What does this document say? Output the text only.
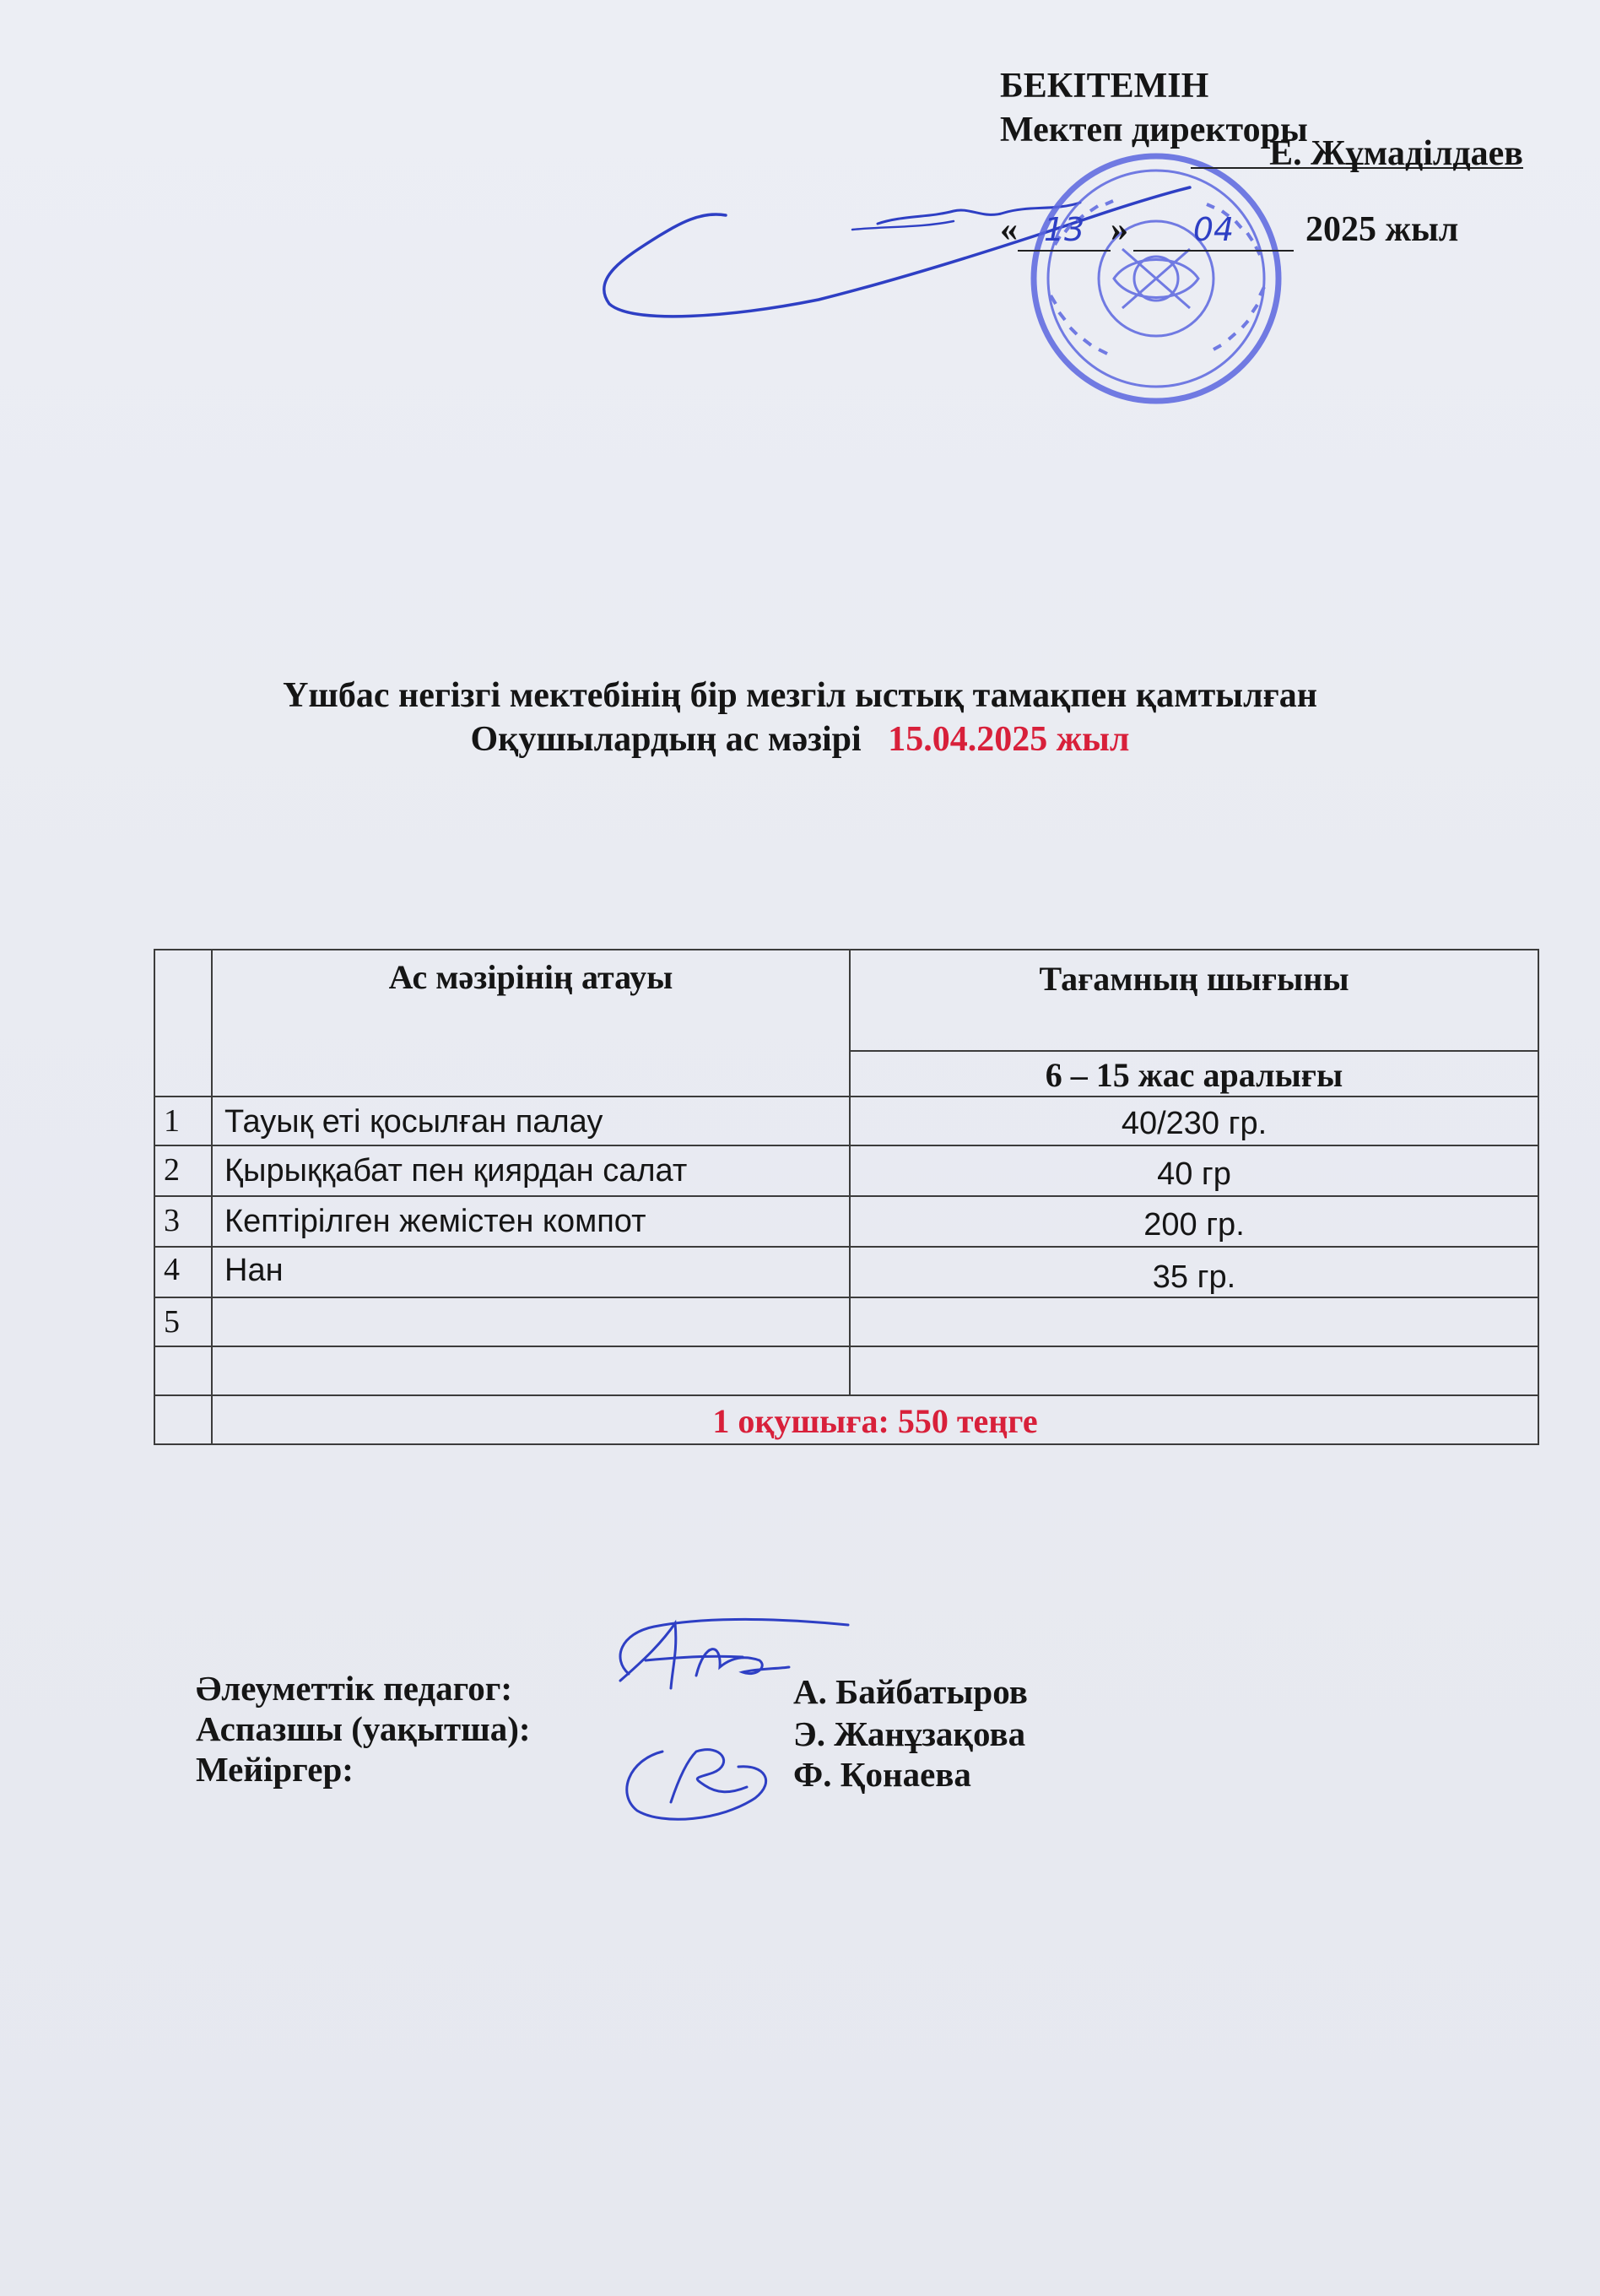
БЕКІТЕМІН
Мектеп директоры
Е. Жұмаділдаев
« 13 » 04 2025 жыл
Үшбас негізгі мектебінің бір мезгіл ыстық тамақпен қамтылған
Оқушылардың ас мәзірі 15.04.2025 жыл
Ас мәзірінің атауы	Тағамның шығыны
6 – 15 жас аралығы
1 Тауық еті қосылған палау	40/230 гр.
2 Қырыққабат пен қиярдан салат	40 гр
3 Кептірілген жемістен компот	200 гр.
4 Нан	35 гр.
5
1 оқушыға: 550 теңге
Әлеуметтік педагог:	А. Байбатыров
Аспазшы (уақытша):	Э. Жанұзақова
Мейіргер:	Ф. Қонаева
